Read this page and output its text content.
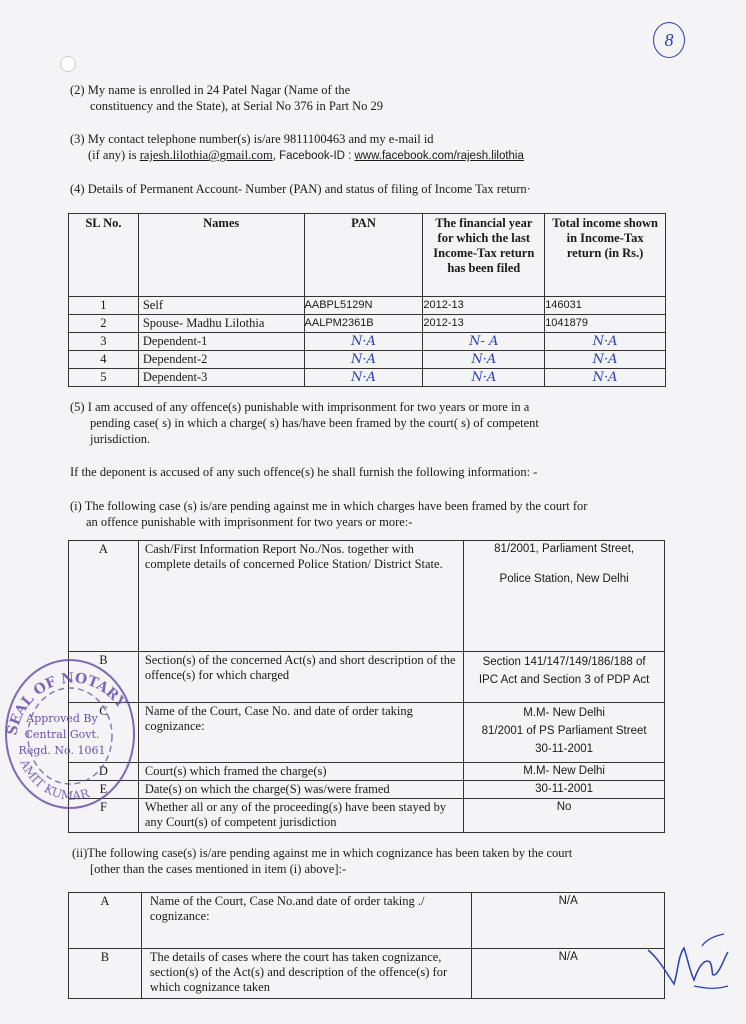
8
(2) My name is enrolled in 24 Patel Nagar (Name of the
constituency and the State), at Serial No 376 in Part No 29
(3) My contact telephone number(s) is/are 9811100463 and my e-mail id
(if any) is rajesh.lilothia@gmail.com, Facebook-ID : www.facebook.com/rajesh.lilothia
(4) Details of Permanent Account- Number (PAN) and status of filing of Income Tax return·
SL No.	Names	PAN	The financial year for which the last Income-Tax return has been filed	Total income shown in Income-Tax return (in Rs.)
1	Self	AABPL5129N	2012-13	146031
2	Spouse- Madhu Lilothia	AALPM2361B	2012-13	1041879
3	Dependent-1	N·A	N- A	N·A
4	Dependent-2	N·A	N·A	N·A
5	Dependent-3	N·A	N·A	N·A
(5) I am accused of any offence(s) punishable with imprisonment for two years or more in a
pending case( s) in which a charge( s) has/have been framed by the court( s) of competent
jurisdiction.
If the deponent is accused of any such offence(s) he shall furnish the following information: -
(i) The following case (s) is/are pending against me in which charges have been framed by the court for
an offence punishable with imprisonment for two years or more:-
A	Cash/First Information Report No./Nos. together with complete details of concerned Police Station/ District State.	81/2001, Parliament Street,
Police Station, New Delhi

B	Section(s) of the concerned Act(s) and short description of the offence(s) for which charged	Section 141/147/149/186/188 of
IPC Act and Section 3 of PDP Act

C	Name of the Court, Case No. and date of order taking cognizance:	M.M- New Delhi
81/2001 of PS Parliament Street
30-11-2001

D	Court(s) which framed the charge(s)	M.M- New Delhi
E	Date(s) on which the charge(S) was/were framed	30-11-2001
F	Whether all or any of the proceeding(s) have been stayed by any Court(s) of competent jurisdiction	No
SEAL OF NOTARY
AMIT KUMAR
Approved By
Central Govt.
Regd. No. 1061
(ii)The following case(s) is/are pending against me in which cognizance has been taken by the court
[other than the cases mentioned in item (i) above]:-
A	Name of the Court, Case No.and date of order taking ./ cognizance:	N/A
B	The details of cases where the court has taken cognizance, section(s) of the Act(s) and description of the offence(s) for which cognizance taken	N/A
